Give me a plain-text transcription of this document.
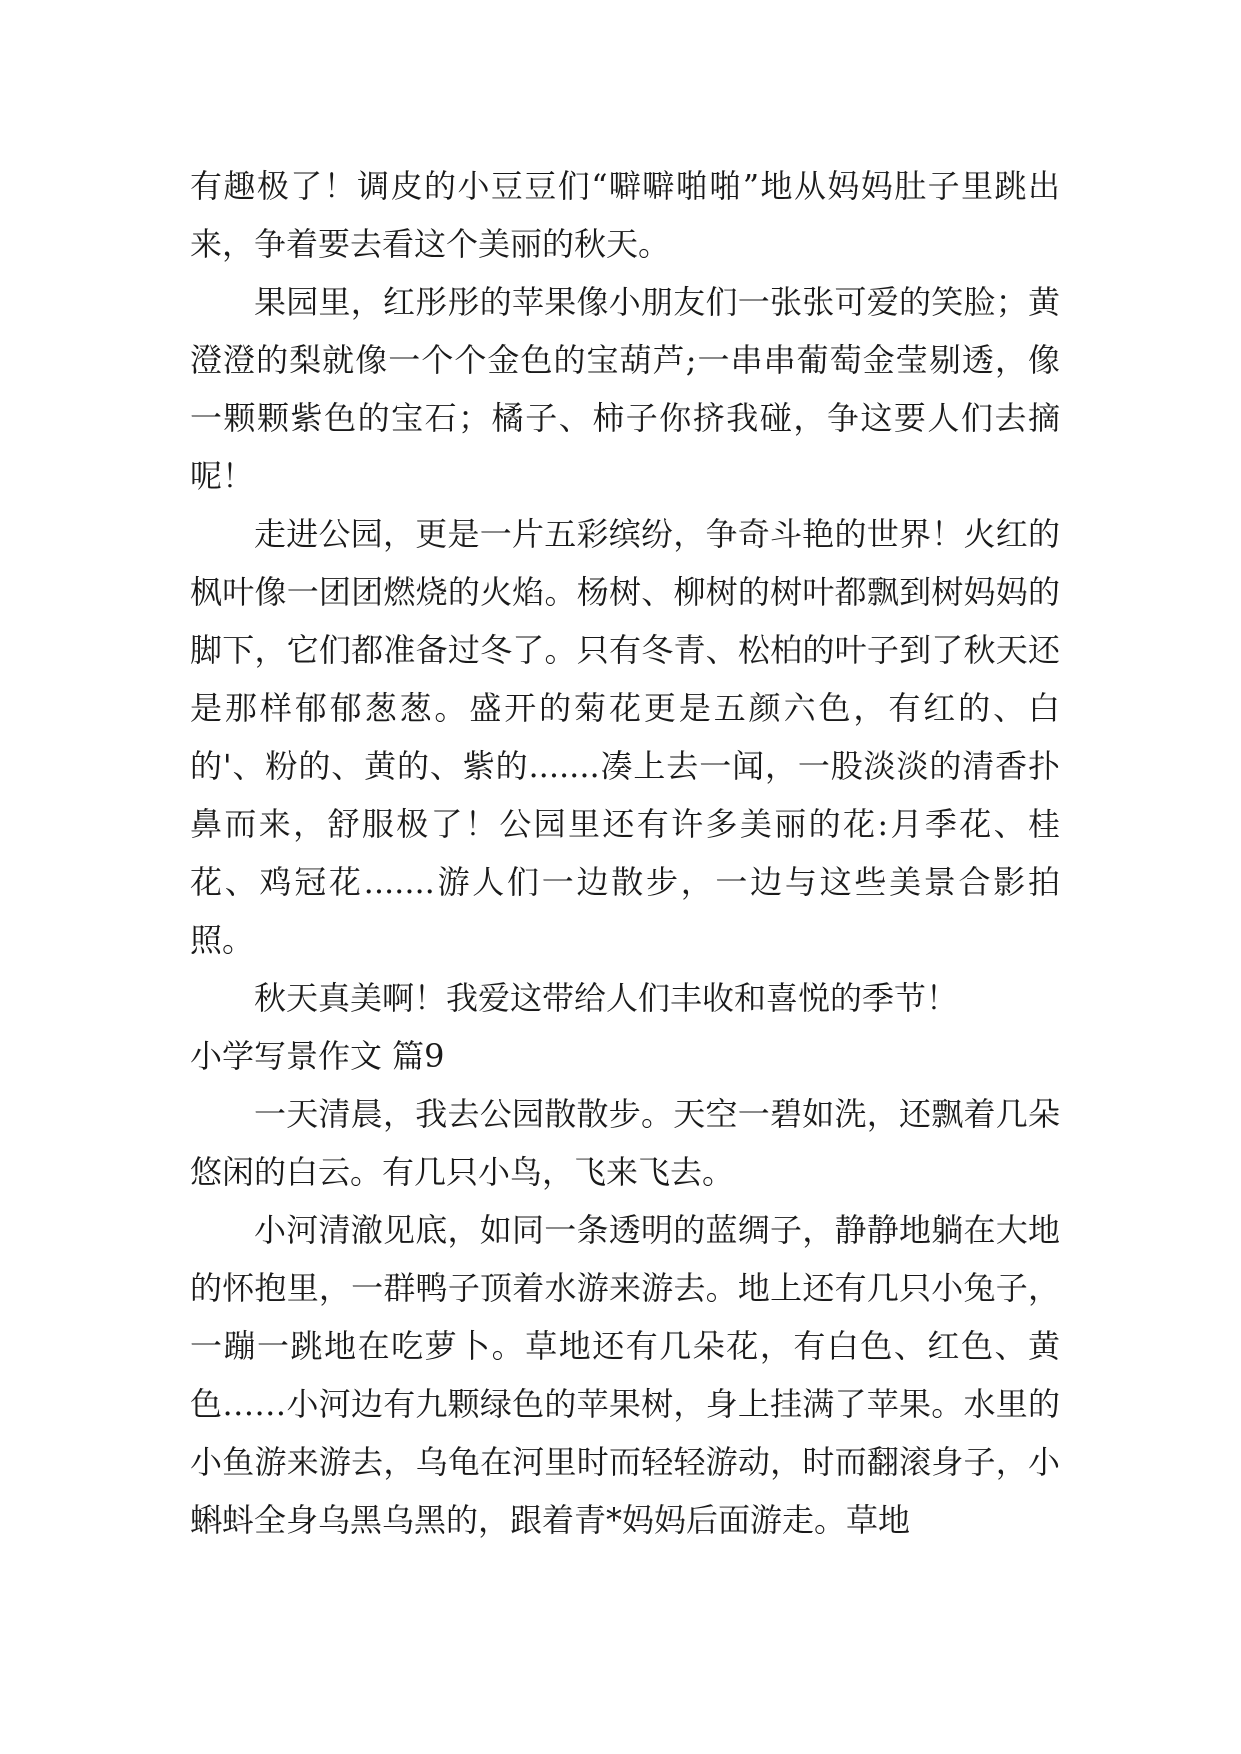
有趣极了！调皮的小豆豆们“噼噼啪啪”地从妈妈肚子里跳出来，争着要去看这个美丽的秋天。

果园里，红彤彤的苹果像小朋友们一张张可爱的笑脸；黄澄澄的梨就像一个个金色的宝葫芦;一串串葡萄金莹剔透，像一颗颗紫色的宝石；橘子、柿子你挤我碰，争这要人们去摘呢！

走进公园，更是一片五彩缤纷，争奇斗艳的世界！火红的枫叶像一团团燃烧的火焰。杨树、柳树的树叶都飘到树妈妈的脚下，它们都准备过冬了。只有冬青、松柏的叶子到了秋天还是那样郁郁葱葱。盛开的菊花更是五颜六色，有红的、白的'、粉的、黄的、紫的.......凑上去一闻，一股淡淡的清香扑鼻而来，舒服极了！公园里还有许多美丽的花:月季花、桂花、鸡冠花.......游人们一边散步，一边与这些美景合影拍照。

秋天真美啊！我爱这带给人们丰收和喜悦的季节！

小学写景作文 篇9

一天清晨，我去公园散散步。天空一碧如洗，还飘着几朵悠闲的白云。有几只小鸟，飞来飞去。

小河清澈见底，如同一条透明的蓝绸子，静静地躺在大地的怀抱里，一群鸭子顶着水游来游去。地上还有几只小兔子，一蹦一跳地在吃萝卜。草地还有几朵花，有白色、红色、黄色……小河边有九颗绿色的苹果树，身上挂满了苹果。水里的小鱼游来游去，乌龟在河里时而轻轻游动，时而翻滚身子，小蝌蚪全身乌黑乌黑的，跟着青*妈妈后面游走。草地
